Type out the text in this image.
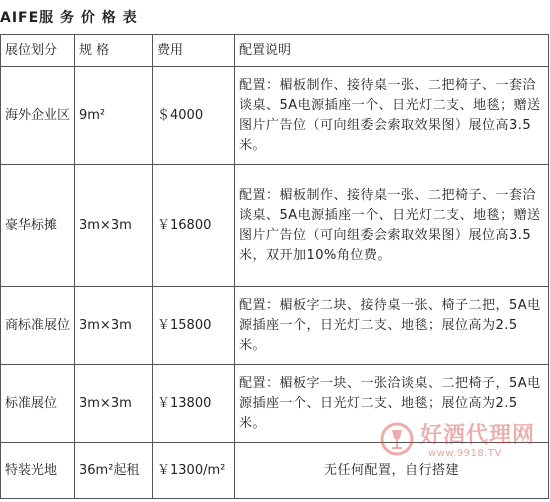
AIFE服 务 价 格 表
展位划分	规 格	费用	配置说明
海外企业区	9m²	＄4000	配置：楣板制作、接待桌一张、二把椅子、一套洽谈桌、5A电源插座一个、日光灯二支、地毯；赠送图片广告位（可向组委会索取效果图）展位高3.5米。
豪华标摊	3m×3m	￥16800	配置：楣板制作、接待桌一张、二把椅子、一套洽谈桌、5A电源插座一个、日光灯二支、地毯；赠送图片广告位（可向组委会索取效果图）展位高3.5米，双开加10%角位费。
商标准展位	3m×3m	￥15800	配置：楣板字二块、接待桌一张、椅子二把，5A电源插座一个，日光灯二支、地毯；展位高为2.5米。
标准展位	3m×3m	￥13800	配置：楣板字一块、一张洽谈桌、二把椅子，5A电源插座一个、日光灯二支、地毯；展位高为2.5米。
特装光地	36m²起租	￥1300/m²	无任何配置，自行搭建
好酒代理网
www.9918.TV
